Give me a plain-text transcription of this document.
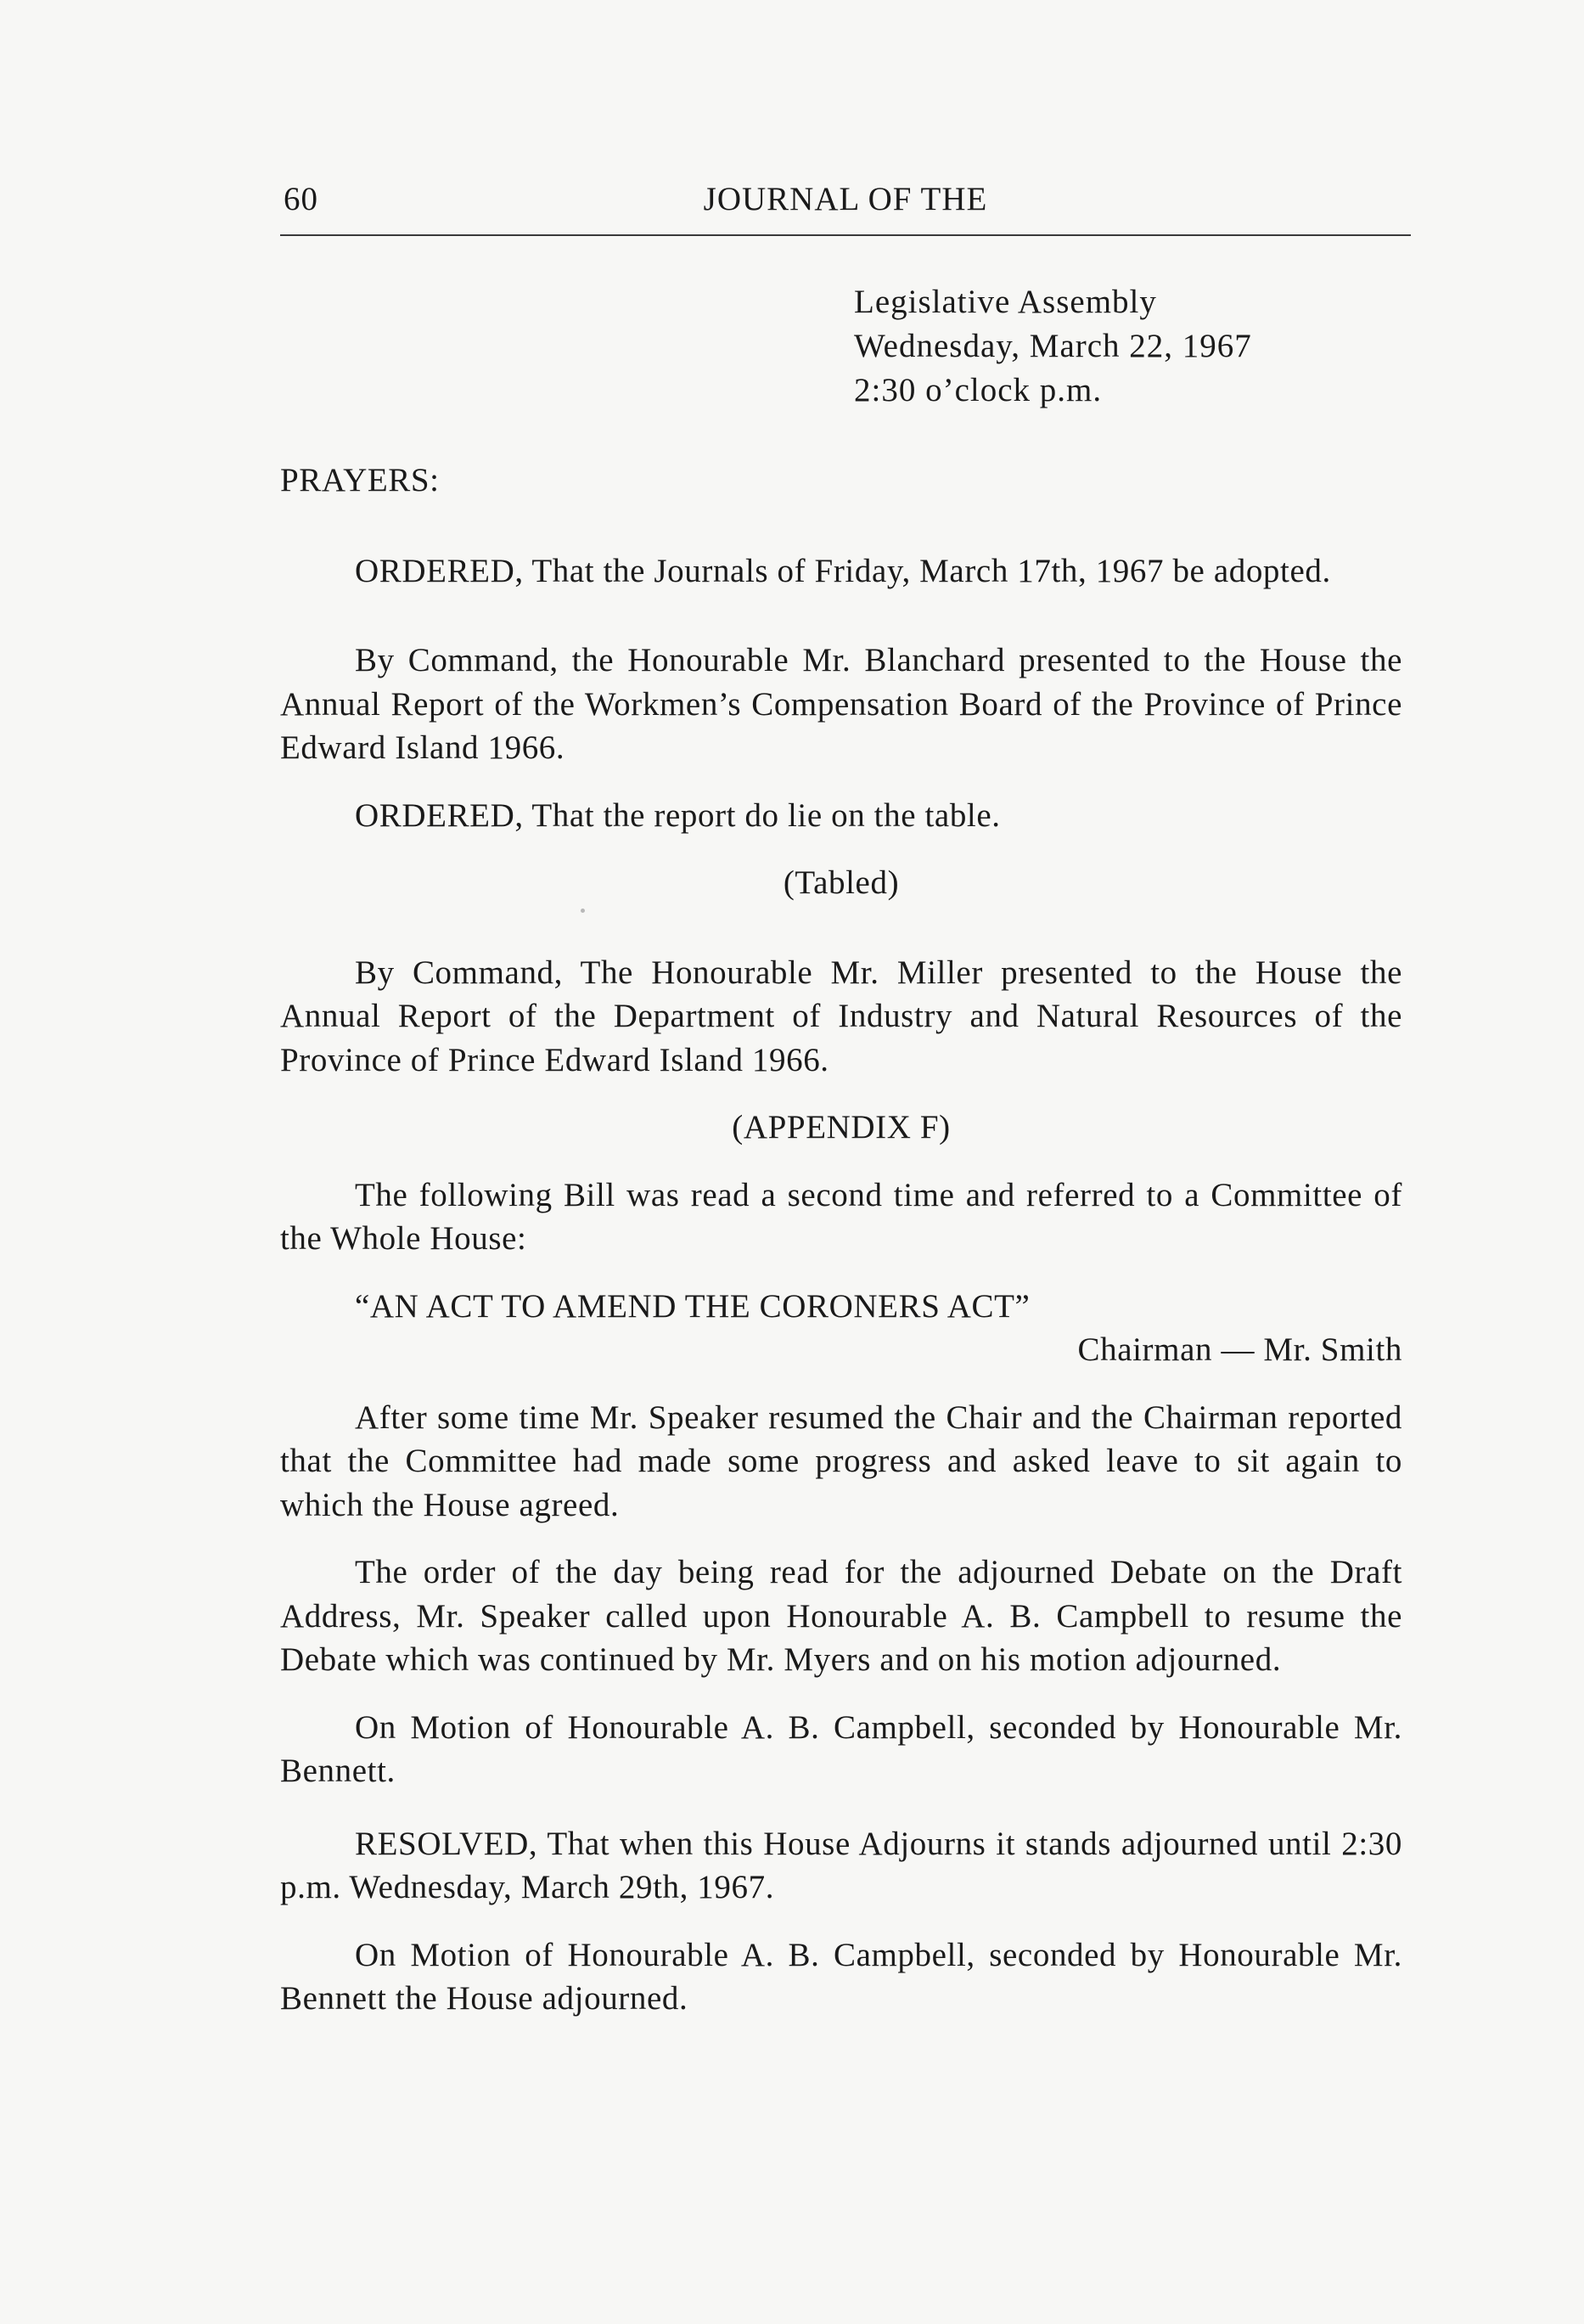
JOURNAL OF THE
60
Legislative Assembly
Wednesday, March 22, 1967
2:30 o’clock p.m.

PRAYERS:

ORDERED, That the Journals of Friday, March 17th, 1967 be adopted.

By Command, the Honourable Mr. Blanchard presented to the House the Annual Report of the Workmen’s Compensation Board of the Province of Prince Edward Island 1966.

ORDERED, That the report do lie on the table.

(Tabled)

By Command, The Honourable Mr. Miller presented to the House the Annual Report of the Department of Industry and Natural Resources of the Province of Prince Edward Island 1966.

(APPENDIX F)

The following Bill was read a second time and referred to a Committee of the Whole House:

“AN ACT TO AMEND THE CORONERS ACT”

Chairman — Mr. Smith

After some time Mr. Speaker resumed the Chair and the Chairman reported that the Committee had made some progress and asked leave to sit again to which the House agreed.

The order of the day being read for the adjourned Debate on the Draft Address, Mr. Speaker called upon Honourable A. B. Campbell to resume the Debate which was continued by Mr. Myers and on his motion adjourned.

On Motion of Honourable A. B. Campbell, seconded by Honourable Mr. Bennett.

RESOLVED, That when this House Adjourns it stands adjourned until 2:30 p.m. Wednesday, March 29th, 1967.

On Motion of Honourable A. B. Campbell, seconded by Honourable Mr. Bennett the House adjourned.
